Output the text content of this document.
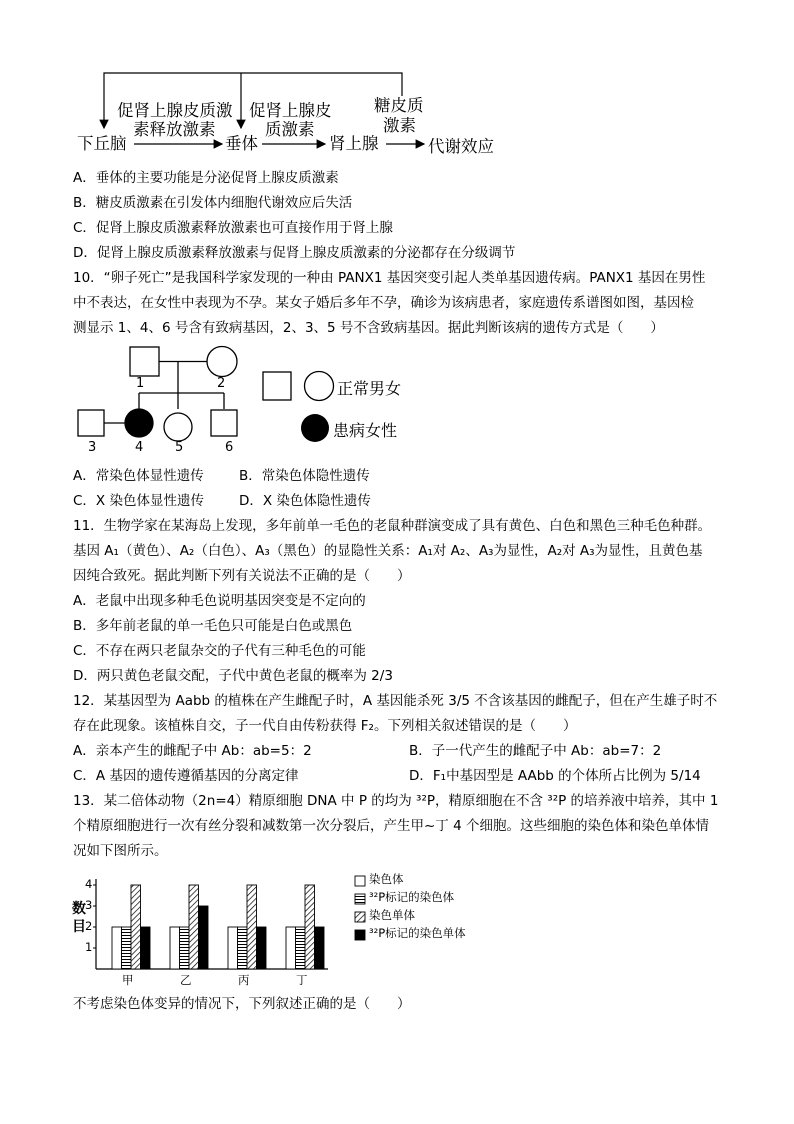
促肾上腺皮质激
素释放激素
促肾上腺皮
质激素
糖皮质
激素
下丘脑	垂体	肾上腺	代谢效应
A．垂体的主要功能是分泌促肾上腺皮质激素
B．糖皮质激素在引发体内细胞代谢效应后失活
C．促肾上腺皮质激素释放激素也可直接作用于肾上腺
D．促肾上腺皮质激素释放激素与促肾上腺皮质激素的分泌都存在分级调节
10．“卵子死亡”是我国科学家发现的一种由 PANX1 基因突变引起人类单基因遗传病。PANX1 基因在男性
中不表达，在女性中表现为不孕。某女子婚后多年不孕，确诊为该病患者，家庭遗传系谱图如图，基因检
测显示 1、4、6 号含有致病基因，2、3、5 号不含致病基因。据此判断该病的遗传方式是（　　）
1	2
3	4 5	6
正常男女
患病女性
A．常染色体显性遗传	B．常染色体隐性遗传
C．X 染色体显性遗传	D．X 染色体隐性遗传
11．生物学家在某海岛上发现，多年前单一毛色的老鼠种群演变成了具有黄色、白色和黑色三种毛色种群。
基因 A₁（黄色）、A₂（白色）、A₃（黑色）的显隐性关系：A₁对 A₂、A₃为显性，A₂对 A₃为显性，且黄色基
因纯合致死。据此判断下列有关说法不正确的是（　　）
A．老鼠中出现多种毛色说明基因突变是不定向的
B．多年前老鼠的单一毛色只可能是白色或黑色
C．不存在两只老鼠杂交的子代有三种毛色的可能
D．两只黄色老鼠交配，子代中黄色老鼠的概率为 2/3
12．某基因型为 Aabb 的植株在产生雌配子时，A 基因能杀死 3/5 不含该基因的雌配子，但在产生雄子时不
存在此现象。该植株自交，子一代自由传粉获得 F₂。下列相关叙述错误的是（　　）
A．亲本产生的雌配子中 Ab：ab=5：2	B．子一代产生的雌配子中 Ab：ab=7：2
C．A 基因的遗传遵循基因的分离定律	D．F₁中基因型是 AAbb 的个体所占比例为 5/14
13．某二倍体动物（2n=4）精原细胞 DNA 中 P 的均为 ³²P，精原细胞在不含 ³²P 的培养液中培养，其中 1
个精原细胞进行一次有丝分裂和减数第一次分裂后，产生甲~丁 4 个细胞。这些细胞的染色体和染色单体情
况如下图所示。
1
2
3
4
数
目
甲	乙	丙	丁
染色体
³²P标记的染色体
染色单体
³²P标记的染色单体
不考虑染色体变异的情况下，下列叙述正确的是（　　）
